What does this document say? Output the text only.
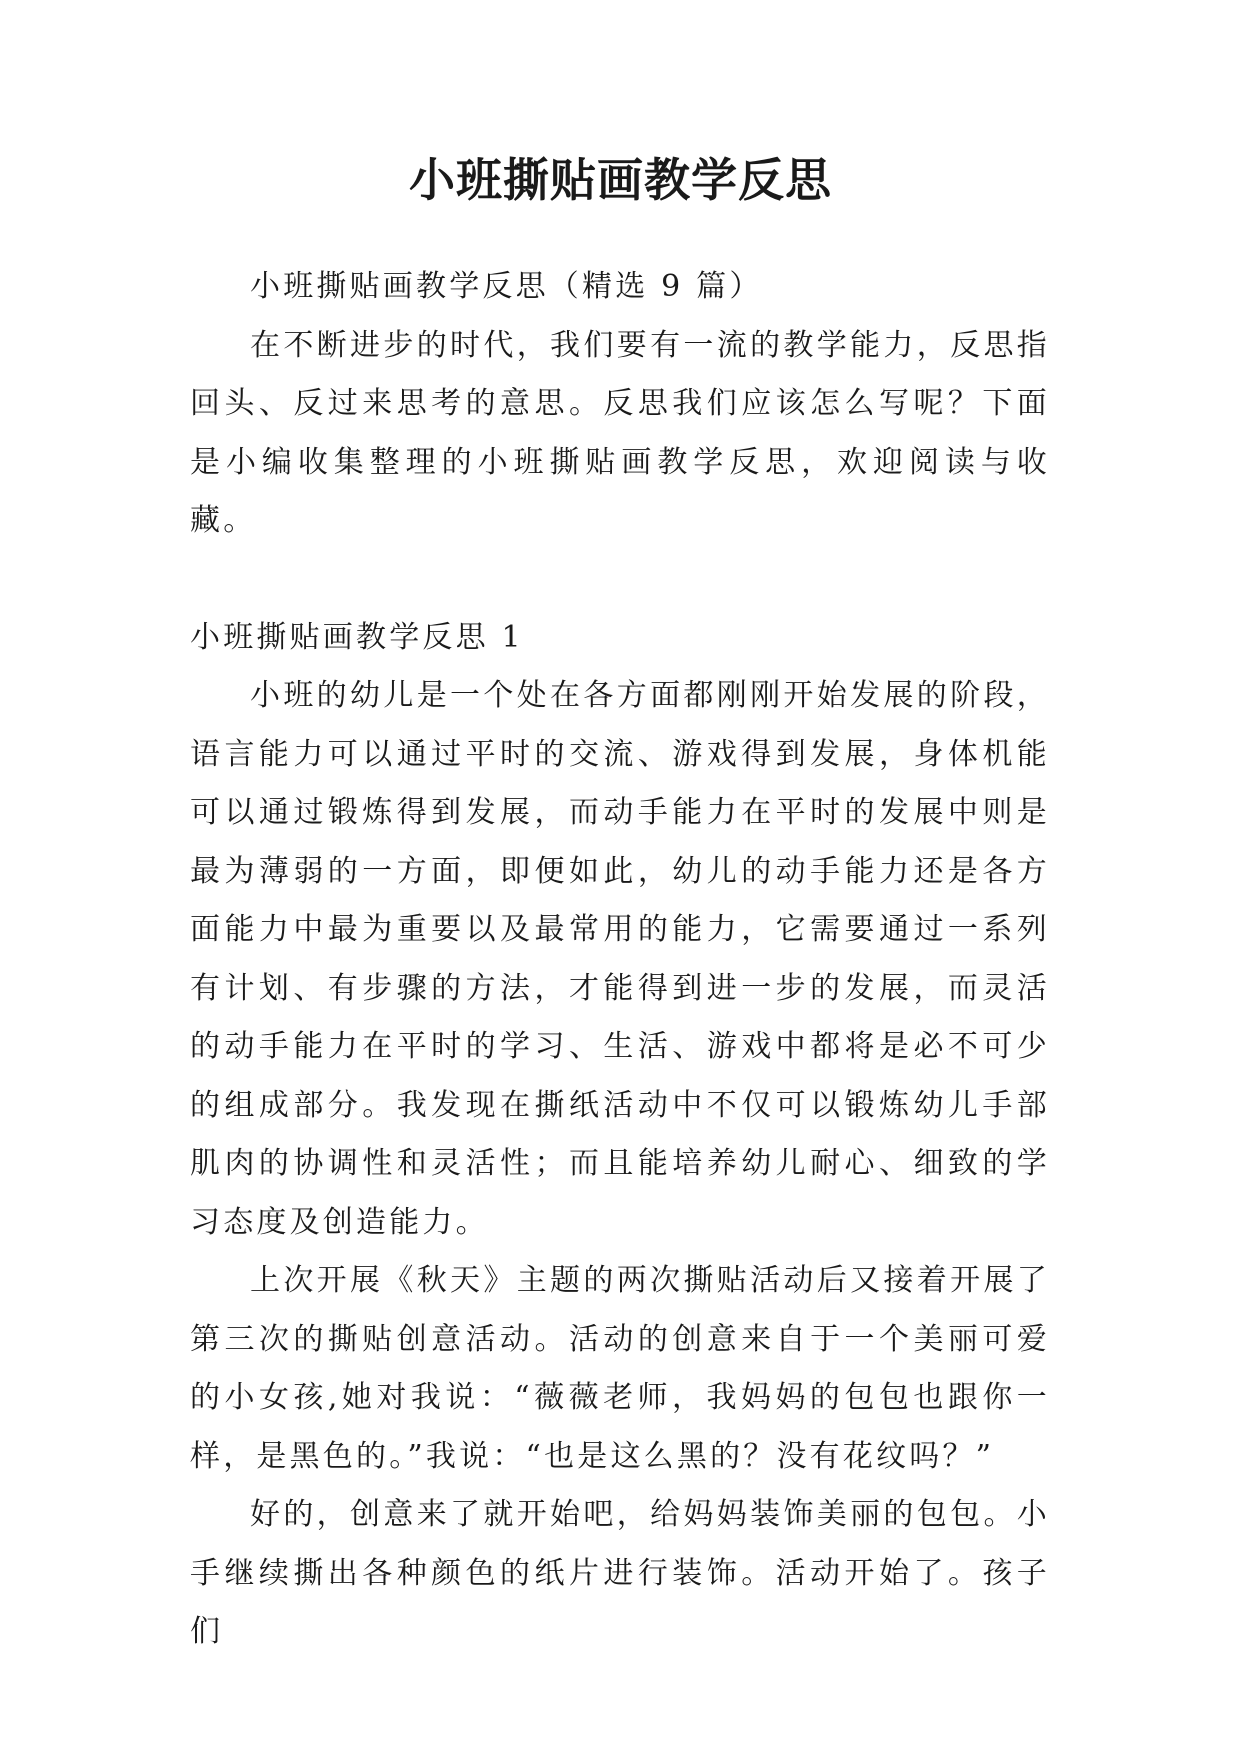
小班撕贴画教学反思

小班撕贴画教学反思（精选 9 篇）

在不断进步的时代，我们要有一流的教学能力，反思指回头、反过来思考的意思。反思我们应该怎么写呢？下面是小编收集整理的小班撕贴画教学反思，欢迎阅读与收藏。

小班撕贴画教学反思 1

小班的幼儿是一个处在各方面都刚刚开始发展的阶段，语言能力可以通过平时的交流、游戏得到发展，身体机能可以通过锻炼得到发展，而动手能力在平时的发展中则是最为薄弱的一方面，即便如此，幼儿的动手能力还是各方面能力中最为重要以及最常用的能力，它需要通过一系列有计划、有步骤的方法，才能得到进一步的发展，而灵活的动手能力在平时的学习、生活、游戏中都将是必不可少的组成部分。我发现在撕纸活动中不仅可以锻炼幼儿手部肌肉的协调性和灵活性；而且能培养幼儿耐心、细致的学习态度及创造能力。

上次开展《秋天》主题的两次撕贴活动后又接着开展了第三次的撕贴创意活动。活动的创意来自于一个美丽可爱的小女孩,她对我说：“薇薇老师，我妈妈的包包也跟你一样，是黑色的。”我说：“也是这么黑的？没有花纹吗？”

好的，创意来了就开始吧，给妈妈装饰美丽的包包。小手继续撕出各种颜色的纸片进行装饰。活动开始了。孩子们
